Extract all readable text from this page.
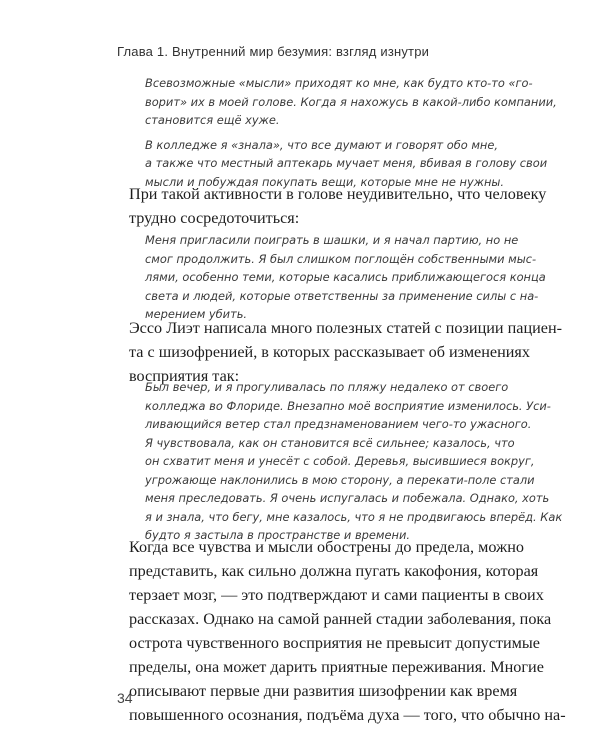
Глава 1. Внутренний мир безумия: взгляд изнутри

Всевозможные «мысли» приходят ко мне, как будто кто-то «го-
ворит» их в моей голове. Когда я нахожусь в какой-либо компании,
становится ещё хуже.

В колледже я «знала», что все думают и говорят обо мне,
а также что местный аптекарь мучает меня, вбивая в голову свои
мысли и побуждая покупать вещи, которые мне не нужны.

При такой активности в голове неудивительно, что человеку
трудно сосредоточиться:

Меня пригласили поиграть в шашки, и я начал партию, но не
смог продолжить. Я был слишком поглощён собственными мыс-
лями, особенно теми, которые касались приближающегося конца
света и людей, которые ответственны за применение силы с на-
мерением убить.

Эссо Лиэт написала много полезных статей с позиции пациен-
та с шизофренией, в которых рассказывает об изменениях
восприятия так:

Был вечер, и я прогуливалась по пляжу недалеко от своего
колледжа во Флориде. Внезапно моё восприятие изменилось. Уси-
ливающийся ветер стал предзнаменованием чего-то ужасного.
Я чувствовала, как он становится всё сильнее; казалось, что
он схватит меня и унесёт с собой. Деревья, высившиеся вокруг,
угрожающе наклонились в мою сторону, а перекати-поле стали
меня преследовать. Я очень испугалась и побежала. Однако, хоть
я и знала, что бегу, мне казалось, что я не продвигаюсь вперёд. Как
будто я застыла в пространстве и времени.

Когда все чувства и мысли обострены до предела, можно
представить, как сильно должна пугать какофония, которая
терзает мозг, — это подтверждают и сами пациенты в своих
рассказах. Однако на самой ранней стадии заболевания, пока
острота чувственного восприятия не превысит допустимые
пределы, она может дарить приятные переживания. Многие
описывают первые дни развития шизофрении как время
повышенного осознания, подъёма духа — того, что обычно на-

34
